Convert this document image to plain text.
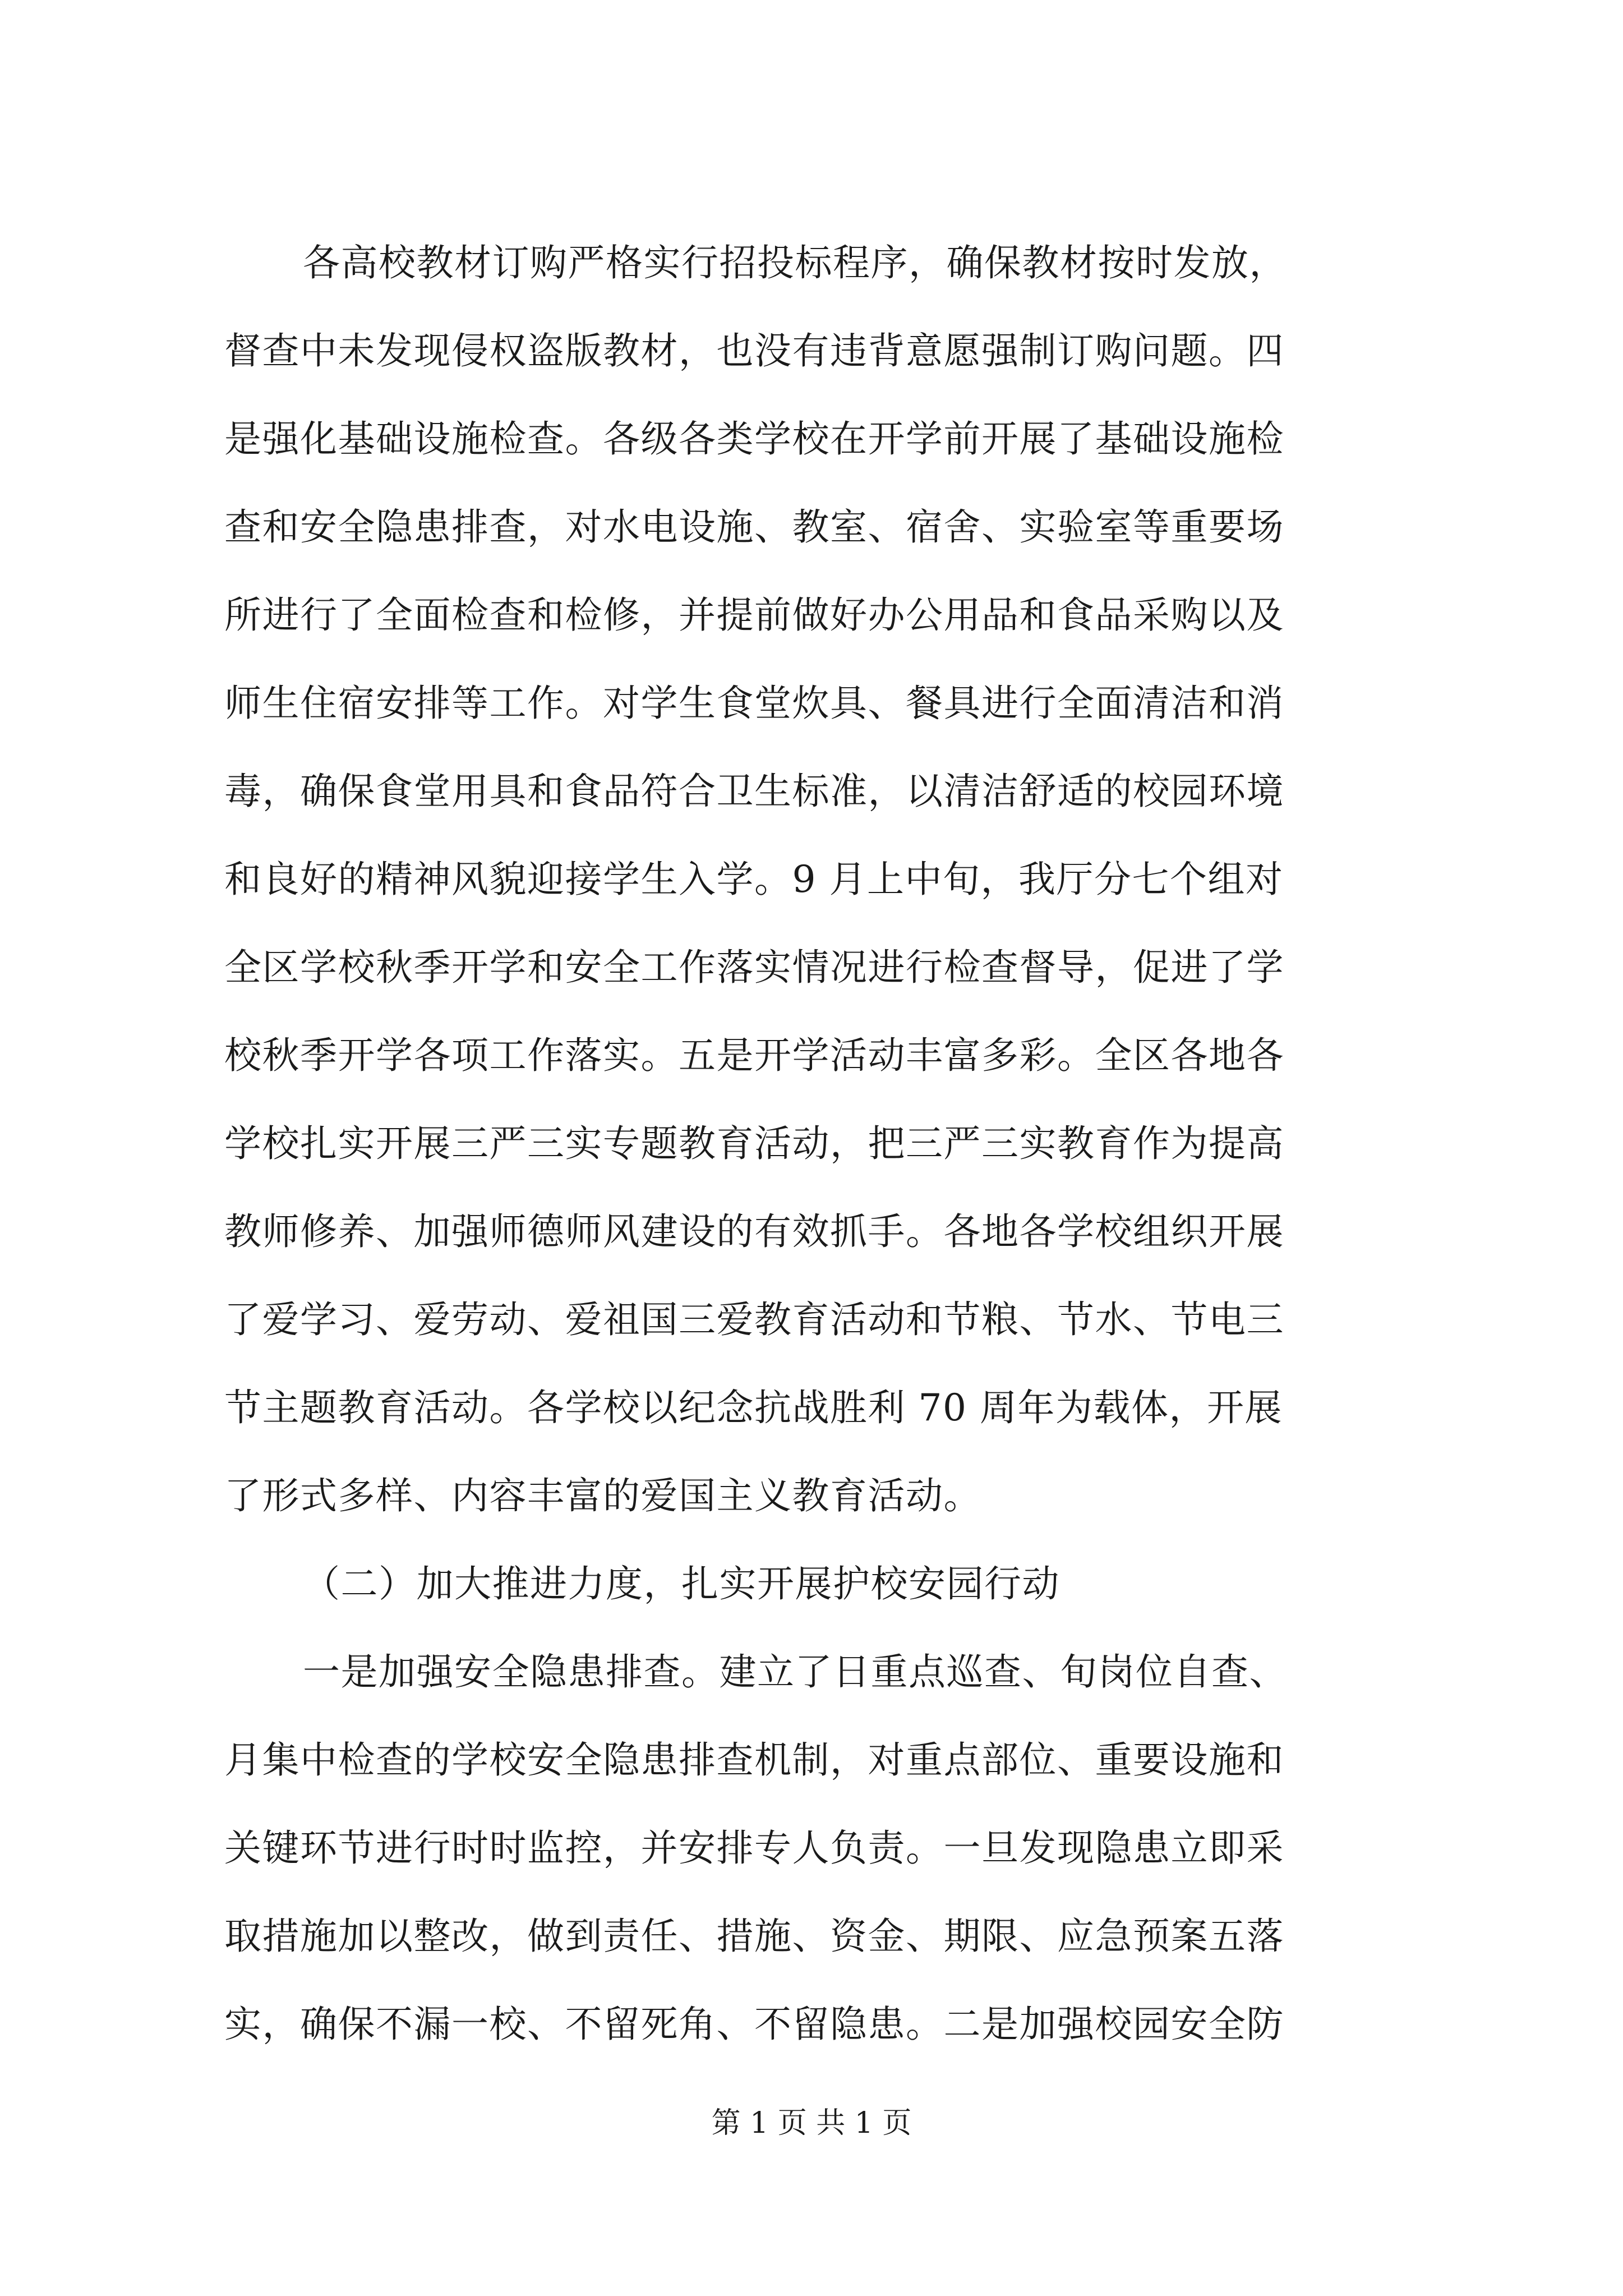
各高校教材订购严格实行招投标程序，确保教材按时发放，
督查中未发现侵权盗版教材，也没有违背意愿强制订购问题。四
是强化基础设施检查。各级各类学校在开学前开展了基础设施检
查和安全隐患排查，对水电设施、教室、宿舍、实验室等重要场
所进行了全面检查和检修，并提前做好办公用品和食品采购以及
师生住宿安排等工作。对学生食堂炊具、餐具进行全面清洁和消
毒，确保食堂用具和食品符合卫生标准，以清洁舒适的校园环境
和良好的精神风貌迎接学生入学。9 月上中旬，我厅分七个组对
全区学校秋季开学和安全工作落实情况进行检查督导，促进了学
校秋季开学各项工作落实。五是开学活动丰富多彩。全区各地各
学校扎实开展三严三实专题教育活动，把三严三实教育作为提高
教师修养、加强师德师风建设的有效抓手。各地各学校组织开展
了爱学习、爱劳动、爱祖国三爱教育活动和节粮、节水、节电三
节主题教育活动。各学校以纪念抗战胜利 70 周年为载体，开展
了形式多样、内容丰富的爱国主义教育活动。
（二）加大推进力度，扎实开展护校安园行动
一是加强安全隐患排查。建立了日重点巡查、旬岗位自查、
月集中检查的学校安全隐患排查机制，对重点部位、重要设施和
关键环节进行时时监控，并安排专人负责。一旦发现隐患立即采
取措施加以整改，做到责任、措施、资金、期限、应急预案五落
实，确保不漏一校、不留死角、不留隐患。二是加强校园安全防
第 1 页 共 1 页
